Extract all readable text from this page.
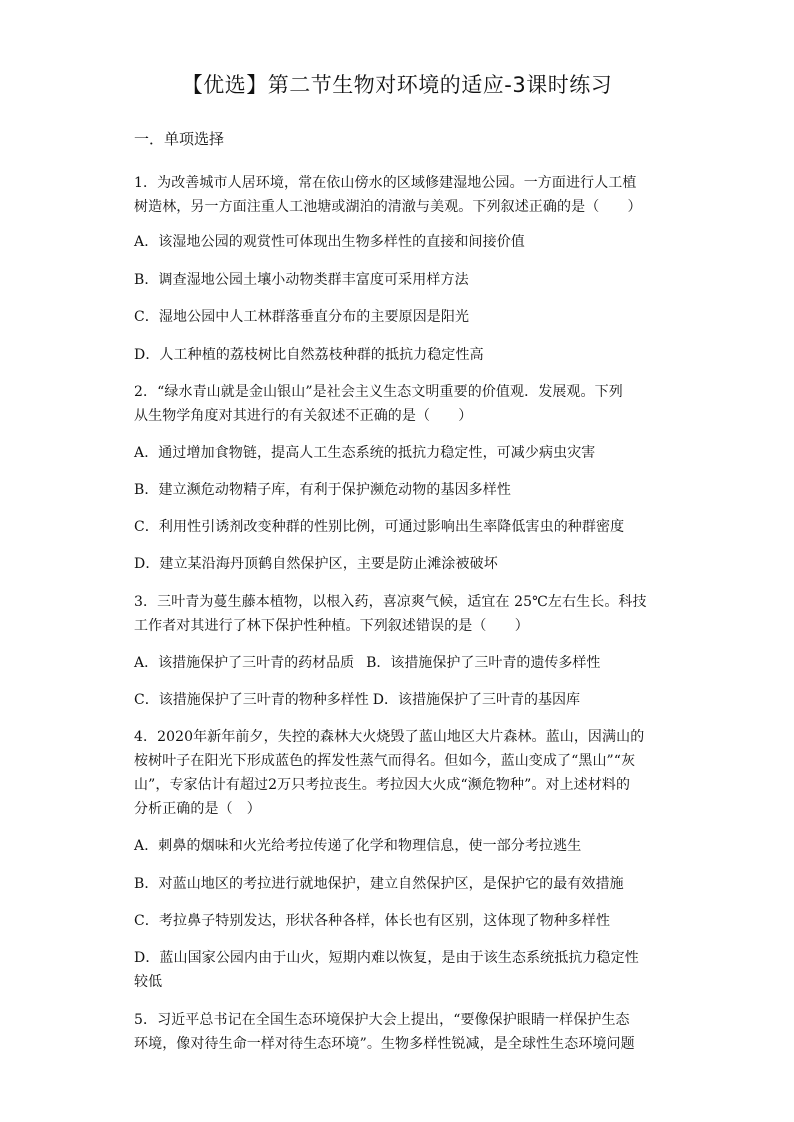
【优选】第二节生物对环境的适应-3课时练习
一．单项选择
1．为改善城市人居环境，常在依山傍水的区域修建湿地公园。一方面进行人工植
树造林，另一方面注重人工池塘或湖泊的清澈与美观。下列叙述正确的是（　　）
A．该湿地公园的观赏性可体现出生物多样性的直接和间接价值
B．调查湿地公园土壤小动物类群丰富度可采用样方法
C．湿地公园中人工林群落垂直分布的主要原因是阳光
D．人工种植的荔枝树比自然荔枝种群的抵抗力稳定性高
2．“绿水青山就是金山银山”是社会主义生态文明重要的价值观．发展观。下列
从生物学角度对其进行的有关叙述不正确的是（　　）
A．通过增加食物链，提高人工生态系统的抵抗力稳定性，可减少病虫灾害
B．建立濒危动物精子库，有利于保护濒危动物的基因多样性
C．利用性引诱剂改变种群的性别比例，可通过影响出生率降低害虫的种群密度
D．建立某沿海丹顶鹤自然保护区，主要是防止滩涂被破坏
3．三叶青为蔓生藤本植物，以根入药，喜凉爽气候，适宜在 25℃左右生长。科技
工作者对其进行了林下保护性种植。下列叙述错误的是（　　）
A．该措施保护了三叶青的药材品质 B．该措施保护了三叶青的遗传多样性
C．该措施保护了三叶青的物种多样性 D．该措施保护了三叶青的基因库
4．2020年新年前夕，失控的森林大火烧毁了蓝山地区大片森林。蓝山，因满山的
桉树叶子在阳光下形成蓝色的挥发性蒸气而得名。但如今，蓝山变成了“黑山”“灰
山”，专家估计有超过2万只考拉丧生。考拉因大火成“濒危物种”。对上述材料的
分析正确的是（　）
A．刺鼻的烟味和火光给考拉传递了化学和物理信息，使一部分考拉逃生
B．对蓝山地区的考拉进行就地保护，建立自然保护区，是保护它的最有效措施
C．考拉鼻子特别发达，形状各种各样，体长也有区别，这体现了物种多样性
D．蓝山国家公园内由于山火，短期内难以恢复，是由于该生态系统抵抗力稳定性
较低
5．习近平总书记在全国生态环境保护大会上提出，“要像保护眼睛一样保护生态
环境，像对待生命一样对待生态环境”。生物多样性锐减，是全球性生态环境问题
